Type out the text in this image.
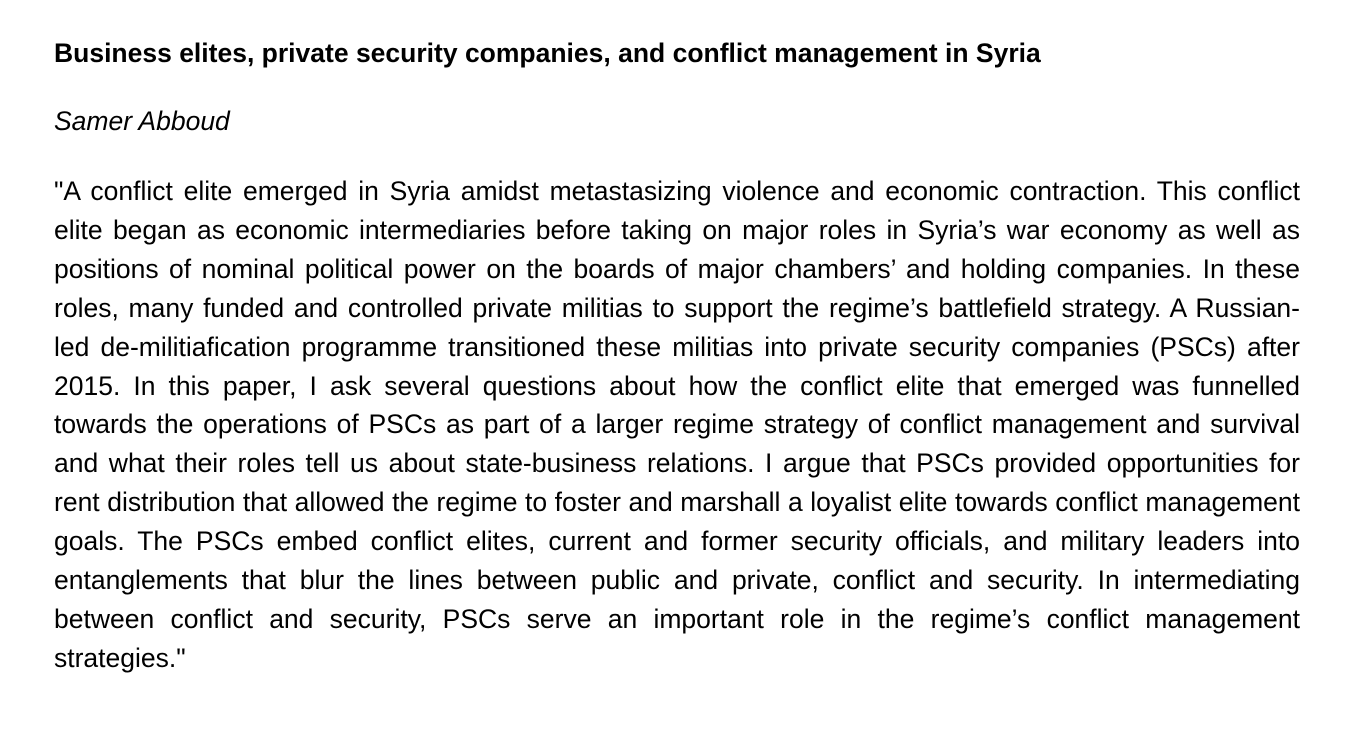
Business elites, private security companies, and conflict management in Syria

Samer Abboud

"A conflict elite emerged in Syria amidst metastasizing violence and economic contraction. This conflict elite began as economic intermediaries before taking on major roles in Syria’s war economy as well as positions of nominal political power on the boards of major chambers’ and holding companies. In these roles, many funded and controlled private militias to support the regime’s battlefield strategy. A Russian-led de-militiafication programme transitioned these militias into private security companies (PSCs) after 2015. In this paper, I ask several questions about how the conflict elite that emerged was funnelled towards the operations of PSCs as part of a larger regime strategy of conflict management and survival and what their roles tell us about state-business relations. I argue that PSCs provided opportunities for rent distribution that allowed the regime to foster and marshall a loyalist elite towards conflict management goals. The PSCs embed conflict elites, current and former security officials, and military leaders into entanglements that blur the lines between public and private, conflict and security. In intermediating between conflict and security, PSCs serve an important role in the regime’s conflict management strategies."
